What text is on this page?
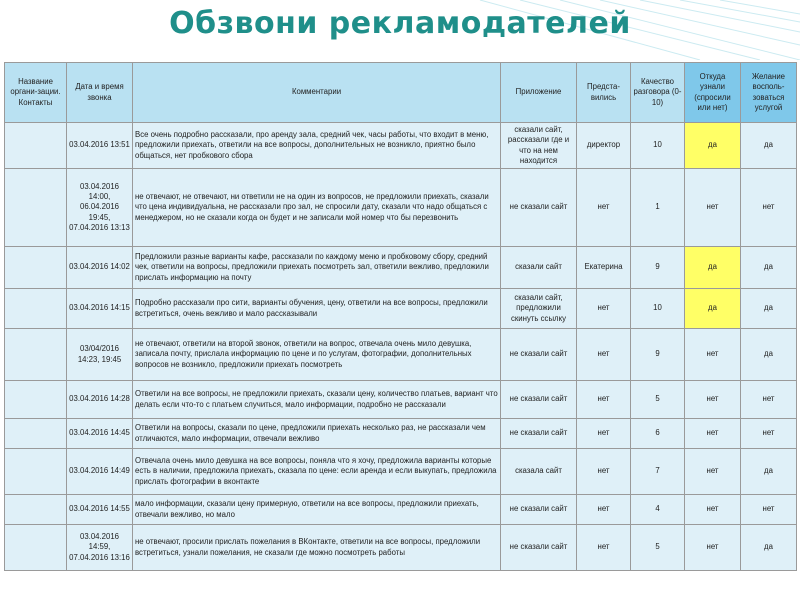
Обзвони рекламодателей
Название органи-зации. Контакты	Дата и время звонка	Комментарии	Приложение	Предста-вились	Качество разговора (0-10)	Откуда узнали (спросили или нет)	Желание восполь-зоваться услугой
	03.04.2016 13:51	Все очень подробно рассказали, про аренду зала, средний чек, часы работы, что входит в меню, предложили приехать, ответили на все вопросы, дополнительных не возникло, приятно было общаться, нет пробкового сбора	сказали сайт, рассказали где и что на нем находится	директор	10	да	да
	03.04.2016 14:00, 06.04.2016 19:45, 07.04.2016 13:13	не отвечают, не отвечают, ни ответили не на один из вопросов, не предложили приехать, сказали что цена индивидуальна, не рассказали про зал, не спросили дату, сказали что надо общаться с менеджером, но не сказали когда он будет и не записали мой номер что бы перезвонить	не сказали сайт	нет	1	нет	нет
	03.04.2016 14:02	Предложили разные варианты кафе, рассказали по каждому меню и пробковому сбору, средний чек, ответили на вопросы, предложили приехать посмотреть зал, ответили вежливо, предложили прислать информацию на почту	сказали сайт	Екатерина	9	да	да
	03.04.2016 14:15	Подробно рассказали про сити, варианты обучения, цену, ответили на все вопросы, предложили встретиться, очень вежливо и мало рассказывали	сказали сайт, предложили скинуть ссылку	нет	10	да	да
	03/04/2016 14:23, 19:45	не отвечают, ответили на второй звонок, ответили на вопрос, отвечала очень мило девушка, записала почту, прислала информацию по цене и по услугам, фотографии, дополнительных вопросов не возникло, предложили приехать посмотреть	не сказали сайт	нет	9	нет	да
	03.04.2016 14:28	Ответили на все вопросы, не предложили приехать, сказали цену, количество платьев, вариант что делать если что-то с платьем случиться, мало информации, подробно не рассказали	не сказали сайт	нет	5	нет	нет
	03.04.2016 14:45	Ответили на вопросы, сказали по цене, предложили приехать несколько раз, не рассказали чем отличаются, мало информации, отвечали вежливо	не сказали сайт	нет	6	нет	нет
	03.04.2016 14:49	Отвечала очень мило девушка на все вопросы, поняла что я хочу, предложила варианты которые есть в наличии, предложила приехать, сказала по цене: если аренда и если выкупать, предложила прислать фотографии в вконтакте	сказала сайт	нет	7	нет	да
	03.04.2016 14:55	мало информации, сказали цену примерную, ответили на все вопросы, предложили приехать, отвечали вежливо, но мало	не сказали сайт	нет	4	нет	нет
	03.04.2016 14:59, 07.04.2016 13:16	не отвечают, просили прислать пожелания в ВКонтакте, ответили на все вопросы, предложили встретиться, узнали пожелания, не сказали где можно посмотреть работы	не сказали сайт	нет	5	нет	да
